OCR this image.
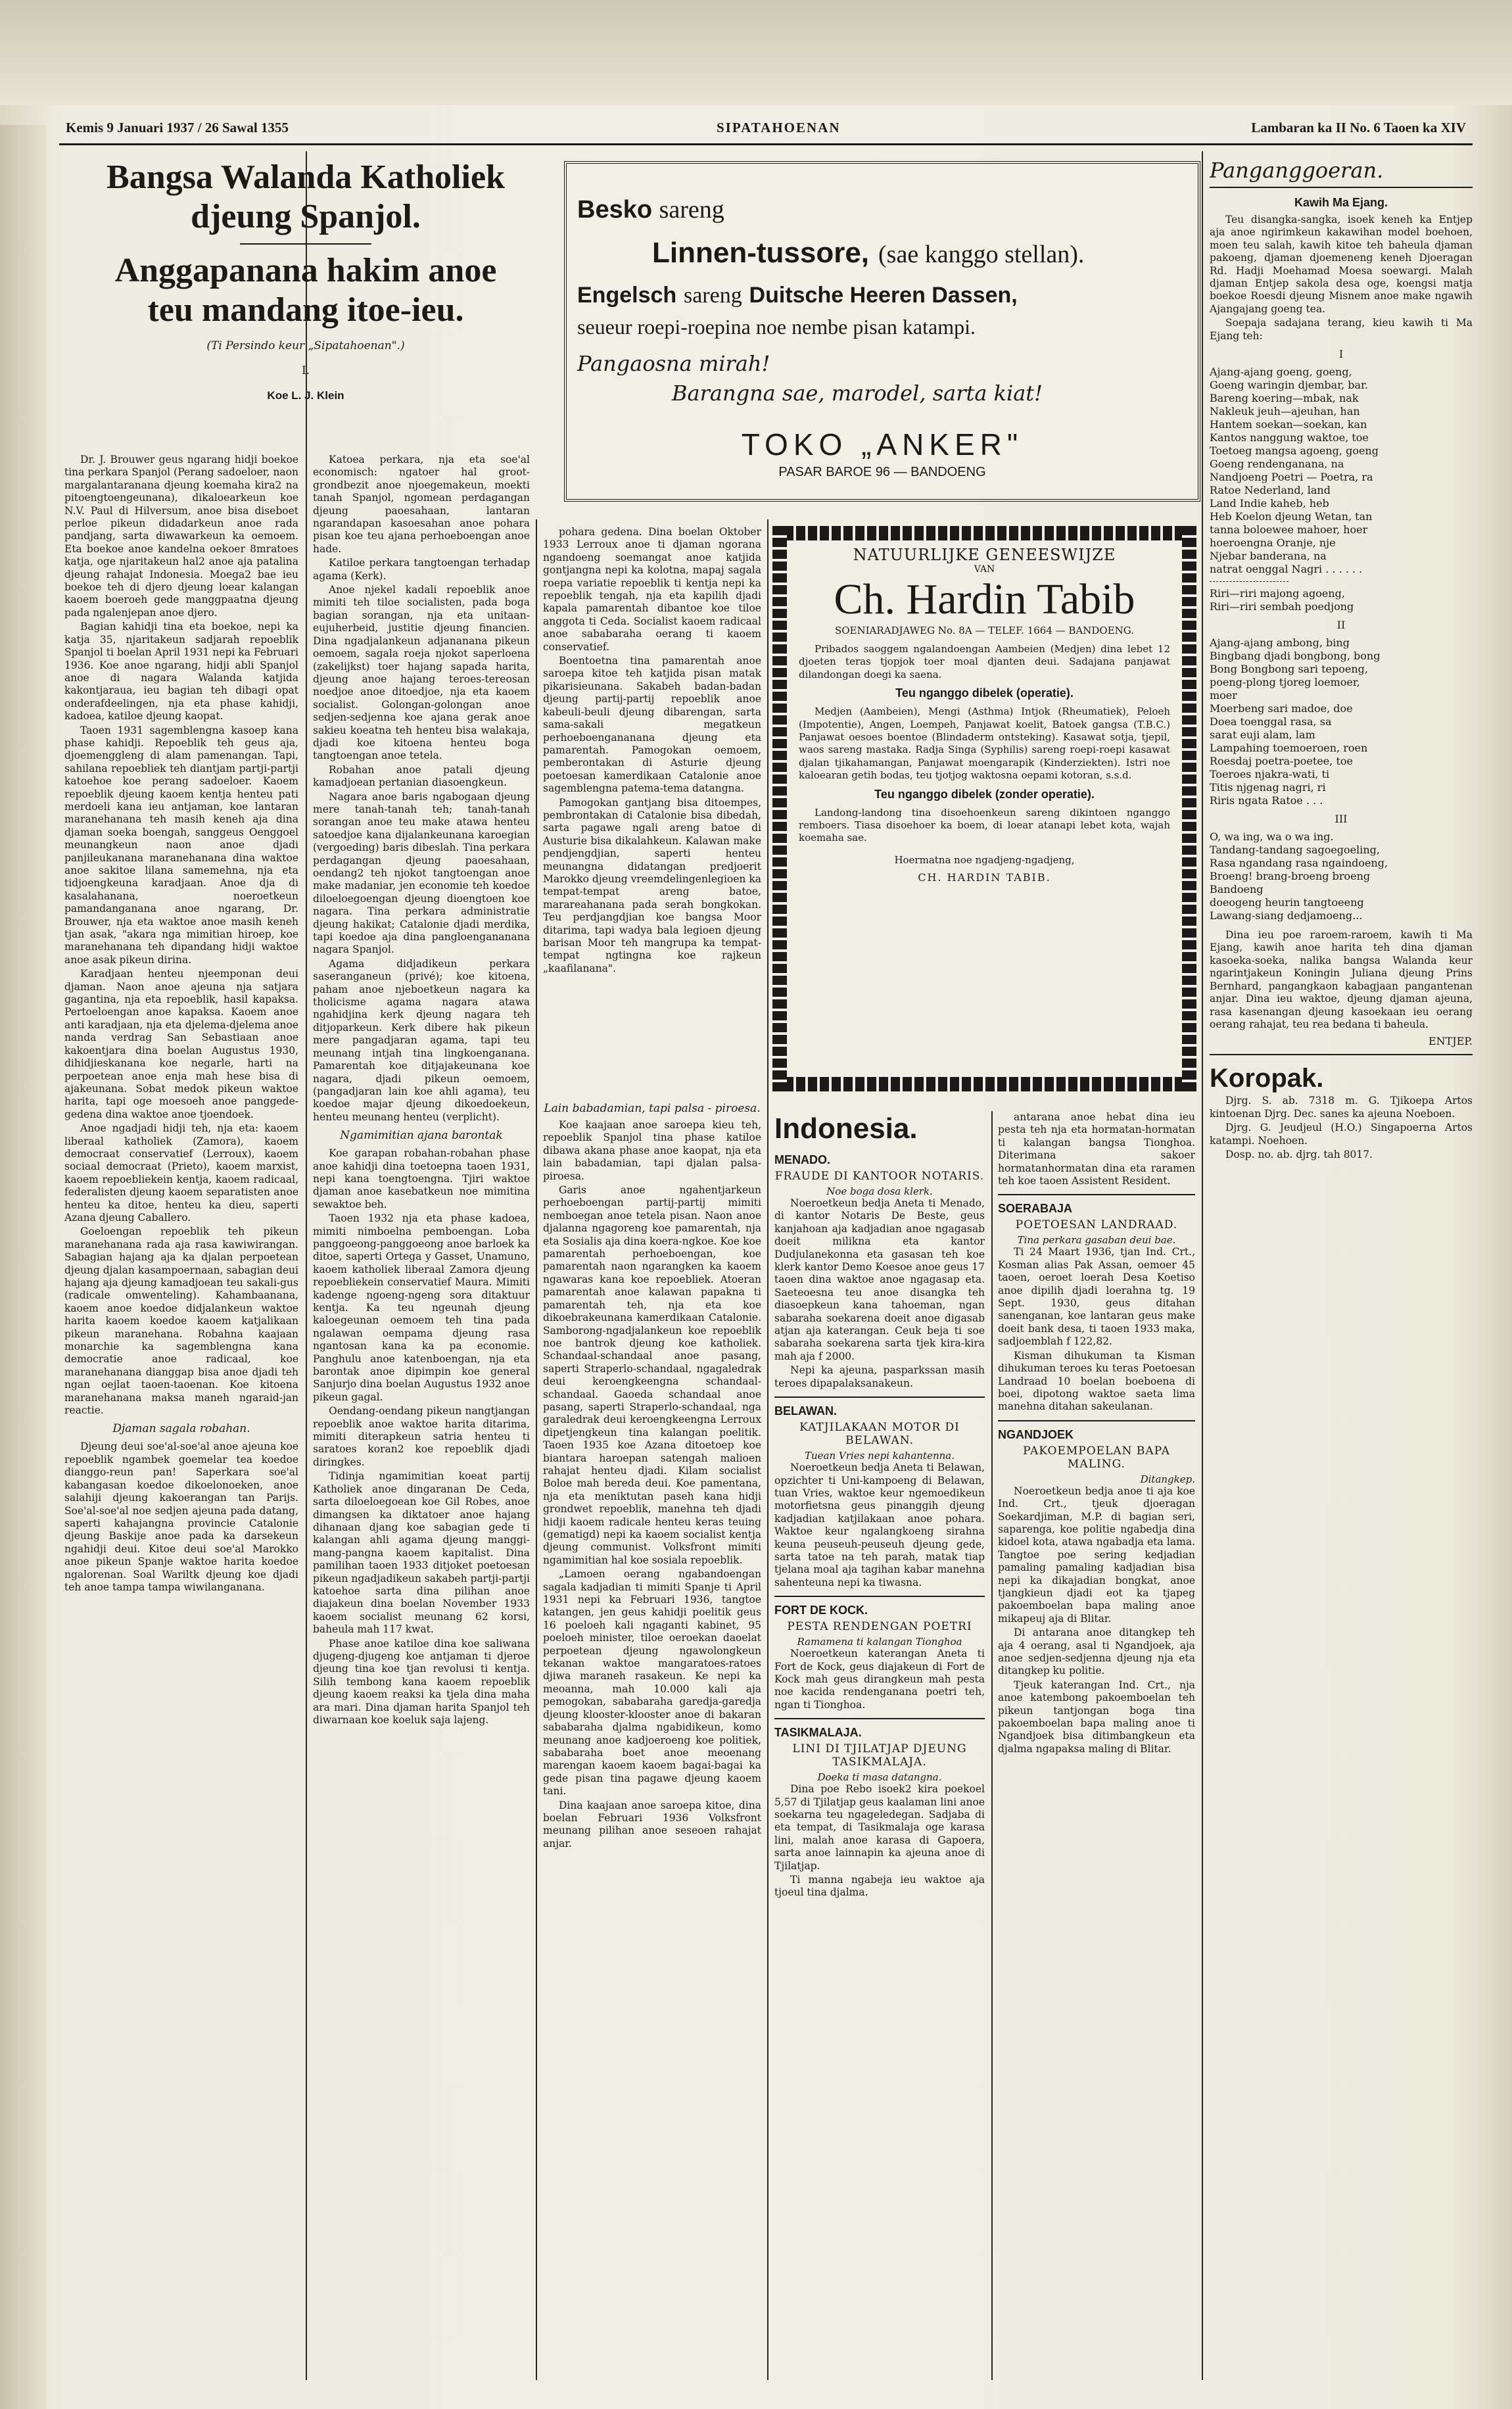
Kemis 9 Januari 1937 / 26 Sawal 1355	SIPATAHOENAN	Lambaran ka II No. 6 Taoen ka XIV
Bangsa Walanda Katholiek
djeung Spanjol.
Anggapanana hakim anoe
teu mandang itoe-ieu.
(Ti Persindo keur „Sipatahoenan".)
I.
Koe L. J. Klein

Dr. J. Brouwer geus ngarang hidji boekoe tina perkara Spanjol (Perang sadoeloer, naon margalantaranana djeung koemaha kira2 na pitoengtoengeunana), dikaloearkeun koe N.V. Paul di Hilversum, anoe bisa diseboet perloe pikeun didadarkeun anoe rada pandjang, sarta diwawarkeun ka oemoem. Eta boekoe anoe kandelna oekoer 8mratoes katja, oge njaritakeun hal2 anoe aja patalina djeung rahajat Indonesia. Moega2 bae ieu boekoe teh di djero djeung loear kalangan kaoem boeroeh gede manggpaatna djeung pada ngalenjepan anoe djero.

Bagian kahidji tina eta boekoe, nepi ka katja 35, njaritakeun sadjarah repoeblik Spanjol ti boelan April 1931 nepi ka Februari 1936. Koe anoe ngarang, hidji abli Spanjol anoe di nagara Walanda katjida kakontjaraua, ieu bagian teh dibagi opat onderafdeelingen, nja eta phase kahidji, kadoea, katiloe djeung kaopat.

Taoen 1931 sagemblengna kasoep kana phase kahidji. Repoeblik teh geus aja, djoemenggleng di alam pamenangan. Tapi, sahilana repoebliek teh diantjam partji-partji katoehoe koe perang sadoeloer. Kaoem repoeblik djeung kaoem kentja henteu pati merdoeli kana ieu antjaman, koe lantaran maranehanana teh masih keneh aja dina djaman soeka boengah, sanggeus Oenggoel meunangkeun naon anoe djadi panjileukanana maranehanana dina waktoe anoe sakitoe lilana samemehna, nja eta tidjoengkeuna karadjaan. Anoe dja di kasalahanana, noeroetkeun pamandanganana anoe ngarang, Dr. Brouwer, nja eta waktoe anoe masih keneh tjan asak, "akara nga mimitian hiroep, koe maranehanana teh dipandang hidji waktoe anoe asak pikeun dirina.

Karadjaan henteu njeemponan deui djaman. Naon anoe ajeuna nja satjara gagantina, nja eta repoeblik, hasil kapaksa. Pertoeloengan anoe kapaksa. Kaoem anoe anti karadjaan, nja eta djelema-djelema anoe nanda verdrag San Sebastiaan anoe kakoentjara dina boelan Augustus 1930, dihidjieskanana koe negarle, harti na perpoetean anoe enja mah hese bisa di ajakeunana. Sobat medok pikeun waktoe harita, tapi oge moesoeh anoe panggede-gedena dina waktoe anoe tjoendoek.

Anoe ngadjadi hidji teh, nja eta: kaoem liberaal katholiek (Zamora), kaoem democraat conservatief (Lerroux), kaoem sociaal democraat (Prieto), kaoem marxist, kaoem repoebliekein kentja, kaoem radicaal, federalisten djeung kaoem separatisten anoe henteu ka ditoe, henteu ka dieu, saperti Azana djeung Caballero.

Goeloengan repoeblik teh pikeun maranehanana rada aja rasa kawiwirangan. Sabagian hajang aja ka djalan perpoetean djeung djalan kasampoernaan, sabagian deui hajang aja djeung kamadjoean teu sakali-gus (radicale omwenteling). Kahambaanana, kaoem anoe koedoe didjalankeun waktoe harita kaoem koedoe kaoem katjalikaan pikeun maranehana. Robahna kaajaan monarchie ka sagemblengna kana democratie anoe radicaal, koe maranehanana dianggap bisa anoe djadi teh ngan oejlat taoen-taoenan. Koe kitoena maranehanana maksa maneh ngaraid-jan reactie.

Djaman sagala robahan.

Djeung deui soe'al-soe'al anoe ajeuna koe repoeblik ngambek goemelar tea koedoe dianggo-reun pan! Saperkara soe'al kabangasan koedoe dikoelonoeken, anoe salahiji djeung kakoerangan tan Parijs. Soe'al-soe'al noe sedjen ajeuna pada datang, saperti kahajangna provincie Catalonie djeung Baskije anoe pada ka darsekeun ngahidji deui. Kitoe deui soe'al Marokko anoe pikeun Spanje waktoe harita koedoe ngalorenan. Soal Wariltk djeung koe djadi teh anoe tampa tampa wiwilanganana.

Katoea perkara, nja eta soe'al economisch: ngatoer hal groot-grondbezit anoe njoegemakeun, moekti tanah Spanjol, ngomean perdagangan djeung paoesahaan, lantaran ngarandapan kasoesahan anoe pohara pisan koe teu ajana perhoeboengan anoe hade.

Katiloe perkara tangtoengan terhadap agama (Kerk).

Anoe njekel kadali repoeblik anoe mimiti teh tiloe socialisten, pada boga bagian sorangan, nja eta unitaan-eujuherbeid, justitie djeung financien. Dina ngadjalankeun adjananana pikeun oemoem, sagala roeja njokot saperloena (zakelijkst) toer hajang sapada harita, djeung anoe hajang teroes-tereosan noedjoe anoe ditoedjoe, nja eta kaoem socialist. Golongan-golongan anoe sedjen-sedjenna koe ajana gerak anoe sakieu koeatna teh henteu bisa walakaja, djadi koe kitoena henteu boga tangtoengan anoe tetela.

Robahan anoe patali djeung kamadjoean pertanian diasoengkeun.

Nagara anoe baris ngabogaan djeung mere tanah-tanah teh; tanah-tanah sorangan anoe teu make atawa henteu satoedjoe kana dijalankeunana karoegian (vergoeding) baris dibeslah. Tina perkara perdagangan djeung paoesahaan, oendang2 teh njokot tangtoengan anoe make madaniar, jen economie teh koedoe diloeloegoengan djeung dioengtoen koe nagara. Tina perkara administratie djeung hakikat; Catalonie djadi merdika, tapi koedoe aja dina pangloengananana nagara Spanjol.

Agama didjadikeun perkara saseranganeun (privé); koe kitoena, paham anoe njeboetkeun nagara ka tholicisme agama nagara atawa ngahidjina kerk djeung nagara teh ditjoparkeun. Kerk dibere hak pikeun mere pangadjaran agama, tapi teu meunang intjah tina lingkoenganana. Pamarentah koe ditjajakeunana koe nagara, djadi pikeun oemoem, (pangadjaran lain koe ahli agama), teu koedoe majar djeung dikoedoekeun, henteu meunang henteu (verplicht).

Ngamimitian ajana barontak

Koe garapan robahan-robahan phase anoe kahidji dina toetoepna taoen 1931, nepi kana toengtoengna. Tjiri waktoe djaman anoe kasebatkeun noe mimitina sewaktoe beh.

Taoen 1932 nja eta phase kadoea, mimiti nimboelna pemboengan. Loba panggoeong-panggoeong anoe barloek ka ditoe, saperti Ortega y Gasset, Unamuno, kaoem katholiek liberaal Zamora djeung repoebliekein conservatief Maura. Mimiti kadenge ngoeng-ngeng sora ditaktuur kentja. Ka teu ngeunah djeung kaloegeunan oemoem teh tina pada ngalawan oempama djeung rasa ngantosan kana ka pa economie. Panghulu anoe katenboengan, nja eta barontak anoe dipimpin koe general Sanjurjo dina boelan Augustus 1932 anoe pikeun gagal.

Oendang-oendang pikeun nangtjangan repoeblik anoe waktoe harita ditarima, mimiti diterapkeun satria henteu ti saratoes koran2 koe repoeblik djadi diringkes.

Tidinja ngamimitian koeat partij Katholiek anoe dingaranan De Ceda, sarta diloeloegoean koe Gil Robes, anoe dimangsen ka diktatoer anoe hajang dihanaan djang koe sabagian gede ti kalangan ahli agama djeung manggi-mang-pangna kaoem kapitalist. Dina pamilihan taoen 1933 ditjoket poetoesan pikeun ngadjadikeun sakabeh partji-partji katoehoe sarta dina pilihan anoe diajakeun dina boelan November 1933 kaoem socialist meunang 62 korsi, baheula mah 117 kwat.

Phase anoe katiloe dina koe saliwana djugeng-djugeng koe antjaman ti djeroe djeung tina koe tjan revolusi ti kentja. Silih tembong kana kaoem repoeblik djeung kaoem reaksi ka tjela dina maha ara mari. Dina djaman harita Spanjol teh diwarnaan koe koeluk saja lajeng.

Besko sareng
Linnen-tussore, (sae kanggo stellan).
Engelsch sareng Duitsche Heeren Dassen,
seueur roepi-roepina noe nembe pisan katampi.
Pangaosna mirah!
Barangna sae, marodel, sarta kiat!
TOKO „ANKER"
PASAR BAROE 96 — BANDOENG

pohara gedena. Dina boelan Oktober 1933 Lerroux anoe ti djaman ngorana ngandoeng soemangat anoe katjida gontjangna nepi ka kolotna, mapaj sagala roepa variatie repoeblik ti kentja nepi ka repoeblik tengah, nja eta kapilih djadi kapala pamarentah dibantoe koe tiloe anggota ti Ceda. Socialist kaoem radicaal anoe sababaraha oerang ti kaoem conservatief.

Boentoetna tina pamarentah anoe saroepa kitoe teh katjida pisan matak pikarisieunana. Sakabeh badan-badan djeung partij-partij repoeblik anoe kabeuli-beuli djeung dibarengan, sarta sama-sakali megatkeun perhoeboengananana djeung eta pamarentah. Pamogokan oemoem, pemberontakan di Asturie djeung poetoesan kamerdikaan Catalonie anoe sagemblengna patema-tema datangna.

Pamogokan gantjang bisa ditoempes, pembrontakan di Catalonie bisa dibedah, sarta pagawe ngali areng batoe di Austurie bisa dikalahkeun. Kalawan make pendjengdjian, saperti henteu meunangna didatangan predjoerit Marokko djeung vreemdelingenlegioen ka tempat-tempat areng batoe, marareahanana pada serah bongkokan. Teu perdjangdjian koe bangsa Moor ditarima, tapi wadya bala legioen djeung barisan Moor teh mangrupa ka tempat-tempat ngtingna koe rajkeun „kaafilanana".

NATUURLIJKE GENEESWIJZE
VAN
Ch. Hardin Tabib
SOENIARADJAWEG No. 8A — TELEF. 1664 — BANDOENG.

Pribados saoggem ngalandoengan Aambeien (Medjen) dina lebet 12 djoeten teras tjopjok toer moal djanten deui. Sadajana panjawat dilandongan doegi ka saena.

Teu nganggo dibelek (operatie).

Medjen (Aambeien), Mengi (Asthma) Intjok (Rheumatiek), Peloeh (Impotentie), Angen, Loempeh, Panjawat koelit, Batoek gangsa (T.B.C.) Panjawat oesoes boentoe (Blindaderm ontsteking). Kasawat sotja, tjepil, waos sareng mastaka. Radja Singa (Syphilis) sareng roepi-roepi kasawat djalan tjikahamangan, Panjawat moengarapik (Kinderziekten). Istri noe kaloearan getih bodas, teu tjotjog waktosna oepami kotoran, s.s.d.

Teu nganggo dibelek (zonder operatie).

Landong-landong tina disoehoenkeun sareng dikintoen nganggo remboers. Tiasa disoehoer ka boem, di loear atanapi lebet kota, wajah koemaha sae.

Hoermatna noe ngadjeng-ngadjeng,
CH. HARDIN TABIB.
Lain babadamian, tapi palsa - piroesa.

Koe kaajaan anoe saroepa kieu teh, repoeblik Spanjol tina phase katiloe dibawa akana phase anoe kaopat, nja eta lain babadamian, tapi djalan palsa-piroesa.

Garis anoe ngahentjarkeun perhoeboengan partij-partij mimiti nemboegan anoe tetela pisan. Naon anoe djalanna ngagoreng koe pamarentah, nja eta Sosialis aja dina koera-ngkoe. Koe koe pamarentah perhoeboengan, koe pamarentah naon ngarangken ka kaoem ngawaras kana koe repoebliek. Atoeran pamarentah anoe kalawan papakna ti pamarentah teh, nja eta koe dikoebrakeunana kamerdikaan Catalonie. Samborong-ngadjalankeun koe repoeblik noe bantrok djeung koe katholiek. Schandaal-schandaal anoe pasang, saperti Straperlo-schandaal, ngagaledrak deui keroengkeengna schandaal-schandaal. Gaoeda schandaal anoe pasang, saperti Straperlo-schandaal, nga garaledrak deui keroengkeengna Lerroux dipetjengkeun tina kalangan poelitik. Taoen 1935 koe Azana ditoetoep koe biantara haroepan satengah malioen rahajat henteu djadi. Kilam socialist Boloe mah bereda deui. Koe pamentana, nja eta meniktutan paseh kana hidji grondwet repoeblik, manehna teh djadi hidji kaoem radicale henteu keras teuing (gematigd) nepi ka kaoem socialist kentja djeung communist. Volksfront mimiti ngamimitian hal koe sosiala repoeblik.

„Lamoen oerang ngabandoengan sagala kadjadian ti mimiti Spanje ti April 1931 nepi ka Februari 1936, tangtoe katangen, jen geus kahidji poelitik geus 16 poeloeh kali ngaganti kabinet, 95 poeloeh minister, tiloe oeroekan daoelat perpoetean djeung ngawolongkeun tekanan waktoe mangaratoes-ratoes djiwa maraneh rasakeun. Ke nepi ka meoanna, mah 10.000 kali aja pemogokan, sababaraha garedja-garedja djeung klooster-klooster anoe di bakaran sababaraha djalma ngabidikeun, komo meunang anoe kadjoeroeng koe politiek, sababaraha boet anoe meoenang marengan kaoem kaoem bagai-bagai ka gede pisan tina pagawe djeung kaoem tani.

Dina kaajaan anoe saroepa kitoe, dina boelan Februari 1936 Volksfront meunang pilihan anoe seseoen rahajat anjar.

Indonesia.
MENADO.
FRAUDE DI KANTOOR NOTARIS.
Noe boga dosa klerk.

Noeroetkeun bedja Aneta ti Menado, di kantor Notaris De Beste, geus kanjahoan aja kadjadian anoe ngagasab doeit milikna eta kantor Dudjulanekonna eta gasasan teh koe klerk kantor Demo Koesoe anoe geus 17 taoen dina waktoe anoe ngagasap eta. Saeteoesna teu anoe disangka teh diasoepkeun kana tahoeman, ngan sabaraha soekarena doeit anoe digasab atjan aja katerangan. Ceuk beja ti soe sabaraha soekarena sarta tjek kira-kira mah aja f 2000.

Nepi ka ajeuna, pasparkssan masih teroes dipapalaksanakeun.

BELAWAN.
KATJILAKAAN MOTOR DI BELAWAN.
Tuean Vries nepi kahantenna.

Noeroetkeun bedja Aneta ti Belawan, opzichter ti Uni-kampoeng di Belawan, tuan Vries, waktoe keur ngemoedikeun motorfietsna geus pinanggih djeung kadjadian katjilakaan anoe pohara. Waktoe keur ngalangkoeng sirahna keuna peuseuh-peuseuh djeung gede, sarta tatoe na teh parah, matak tiap tjelana moal aja tagihan kabar manehna sahenteuna nepi ka tiwasna.

FORT DE KOCK.
PESTA RENDENGAN POETRI
Ramamena ti kalangan Tionghoa

Noeroetkeun katerangan Aneta ti Fort de Kock, geus diajakeun di Fort de Kock mah geus dirangkeun mah pesta noe kacida rendenganana poetri teh, ngan ti Tionghoa.

TASIKMALAJA.
LINI DI TJILATJAP DJEUNG TASIKMALAJA.
Doeka ti masa datangna.

Dina poe Rebo isoek2 kira poekoel 5,57 di Tjilatjap geus kaalaman lini anoe soekarna teu ngageledegan. Sadjaba di eta tempat, di Tasikmalaja oge karasa lini, malah anoe karasa di Gapoera, sarta anoe lainnapin ka ajeuna anoe di Tjilatjap.

Ti manna ngabeja ieu waktoe aja tjoeul tina djalma.

antarana anoe hebat dina ieu pesta teh nja eta hormatan-hormatan ti kalangan bangsa Tionghoa. Diterimana sakoer hormatanhormatan dina eta raramen teh koe taoen Assistent Resident.

SOERABAJA
POETOESAN LANDRAAD.
Tina perkara gasaban deui bae.

Ti 24 Maart 1936, tjan Ind. Crt., Kosman alias Pak Assan, oemoer 45 taoen, oeroet loerah Desa Koetiso anoe dipilih djadi loerahna tg. 19 Sept. 1930, geus ditahan sanenganan, koe lantaran geus make doeit bank desa, ti taoen 1933 maka, sadjoemblah f 122,82.

Kisman dihukuman ta Kisman dihukuman teroes ku teras Poetoesan Landraad 10 boelan boeboena di boei, dipotong waktoe saeta lima manehna ditahan sakeulanan.

NGANDJOEK
PAKOEMPOELAN BAPA MALING.
Ditangkep.

Noeroetkeun bedja anoe ti aja koe Ind. Crt., tjeuk djoeragan Soekardjiman, M.P. di bagian seri, saparenga, koe politie ngabedja dina kidoel kota, atawa ngabadja eta lama. Tangtoe poe sering kedjadian pamaling pamaling kadjadian bisa nepi ka dikajadian bongkat, anoe tjangkieun djadi eot ka tjapeg pakoemboelan bapa maling anoe mikapeuj aja di Blitar.

Di antarana anoe ditangkep teh aja 4 oerang, asal ti Ngandjoek, aja anoe sedjen-sedjenna djeung nja eta ditangkep ku politie.

Tjeuk katerangan Ind. Crt., nja anoe katembong pakoemboelan teh pikeun tantjongan boga tina pakoemboelan bapa maling anoe ti Ngandjoek bisa ditimbangkeun eta djalma ngapaksa maling di Blitar.

Panganggoeran.
Kawih Ma Ejang.

Teu disangka-sangka, isoek keneh ka Entjep aja anoe ngirimkeun kakawihan model boehoen, moen teu salah, kawih kitoe teh baheula djaman pakoeng, djaman djoemeneng keneh Djoeragan Rd. Hadji Moehamad Moesa soewargi. Malah djaman Entjep sakola desa oge, koengsi matja boekoe Roesdi djeung Misnem anoe make ngawih Ajangajang goeng tea.

Soepaja sadajana terang, kieu kawih ti Ma Ejang teh:

I
Ajang-ajang goeng, goeng,
Goeng waringin djembar, bar.
Bareng koering—mbak, nak
Nakleuk jeuh—ajeuhan, han
Hantem soekan—soekan, kan
Kantos nanggung waktoe, toe
Toetoeg mangsa agoeng, goeng
Goeng rendenganana, na
Nandjoeng Poetri — Poetra, ra
Ratoe Nederland, land
Land Indie kaheb, heb
Heb Koelon djeung Wetan, tan
tanna boloewee mahoer, hoer
hoeroengna Oranje, nje
Njebar banderana, na
natrat oenggal Nagri . . . . . .
Riri—riri majong agoeng,
Riri—riri sembah poedjong
II
Ajang-ajang ambong, bing
Bingbang djadi bongbong, bong
Bong Bongbong sari tepoeng,
poeng-plong tjoreg loemoer,
moer
Moerbeng sari madoe, doe
Doea toenggal rasa, sa
sarat euji alam, lam
Lampahing toemoeroen, roen
Roesdaj poetra-poetee, toe
Toeroes njakra-wati, ti
Titis njgenag nagri, ri
Riris ngata Ratoe . . .
III
O, wa ing, wa o wa ing.
Tandang-tandang sagoegoeling,
Rasa ngandang rasa ngaindoeng,
Broeng! brang-broeng broeng
Bandoeng
doeogeng heurin tangtoeeng
Lawang-siang dedjamoeng...

Dina ieu poe raroem-raroem, kawih ti Ma Ejang, kawih anoe harita teh dina djaman kasoeka-soeka, nalika bangsa Walanda keur ngarintjakeun Koningin Juliana djeung Prins Bernhard, pangangkaon kabagjaan pangantenan anjar. Dina ieu waktoe, djeung djaman ajeuna, rasa kasenangan djeung kasoekaan ieu oerang oerang rahajat, teu rea bedana ti baheula.

ENTJEP.
Koropak.

Djrg. S. ab. 7318 m. G. Tjikoepa Artos kintoenan Djrg. Dec. sanes ka ajeuna Noeboen.

Djrg. G. Jeudjeul (H.O.) Singapoerna Artos katampi. Noehoen.

Dosp. no. ab. djrg. tah 8017.
